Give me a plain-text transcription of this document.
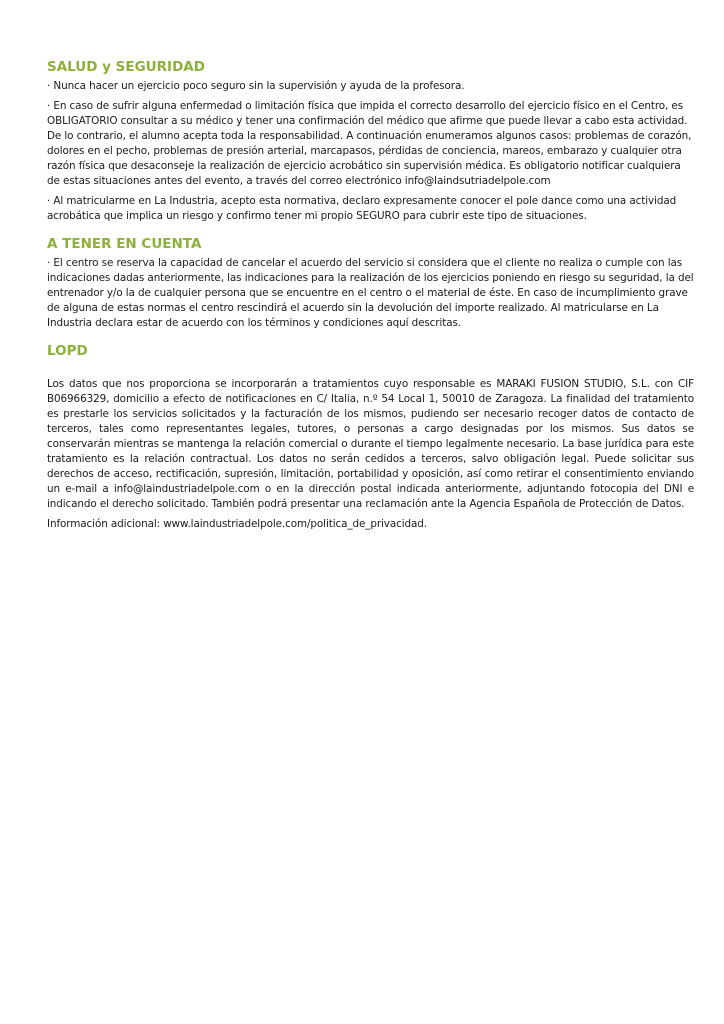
SALUD y SEGURIDAD

· Nunca hacer un ejercicio poco seguro sin la supervisión y ayuda de la profesora.

· En caso de sufrir alguna enfermedad o limitación física que impida el correcto desarrollo del ejercicio físico en el Centro, es OBLIGATORIO consultar a su médico y tener una confirmación del médico que afirme que puede llevar a cabo esta actividad. De lo contrario, el alumno acepta toda la responsabilidad. A continuación enumeramos algunos casos: problemas de corazón, dolores en el pecho, problemas de presión arterial, marcapasos, pérdidas de conciencia, mareos, embarazo y cualquier otra razón física que desaconseje la realización de ejercicio acrobático sin supervisión médica. Es obligatorio notificar cualquiera de estas situaciones antes del evento, a través del correo electrónico info@laindsutriadelpole.com

· Al matricularme en La Industria, acepto esta normativa, declaro expresamente conocer el pole dance como una actividad acrobática que implica un riesgo y confirmo tener mi propio SEGURO para cubrir este tipo de situaciones.

A TENER EN CUENTA

· El centro se reserva la capacidad de cancelar el acuerdo del servicio si considera que el cliente no realiza o cumple con las indicaciones dadas anteriormente, las indicaciones para la realización de los ejercicios poniendo en riesgo su seguridad, la del entrenador y/o la de cualquier persona que se encuentre en el centro o el material de éste. En caso de incumplimiento grave de alguna de estas normas el centro rescindirá el acuerdo sin la devolución del importe realizado. Al matricularse en La Industria declara estar de acuerdo con los términos y condiciones aquí descritas.

LOPD

Los datos que nos proporciona se incorporarán a tratamientos cuyo responsable es MARAKI FUSION STUDIO, S.L. con CIF B06966329, domicilio a efecto de notificaciones en C/ Italia, n.º 54 Local 1, 50010 de Zaragoza. La finalidad del tratamiento es prestarle los servicios solicitados y la facturación de los mismos, pudiendo ser necesario recoger datos de contacto de terceros, tales como representantes legales, tutores, o personas a cargo designadas por los mismos. Sus datos se conservarán mientras se mantenga la relación comercial o durante el tiempo legalmente necesario. La base jurídica para este tratamiento es la relación contractual. Los datos no serán cedidos a terceros, salvo obligación legal. Puede solicitar sus derechos de acceso, rectificación, supresión, limitación, portabilidad y oposición, así como retirar el consentimiento enviando un e-mail a info@laindustriadelpole.com o en la dirección postal indicada anteriormente, adjuntando fotocopia del DNI e indicando el derecho solicitado. También podrá presentar una reclamación ante la Agencia Española de Protección de Datos.

Información adicional: www.laindustriadelpole.com/politica_de_privacidad.
